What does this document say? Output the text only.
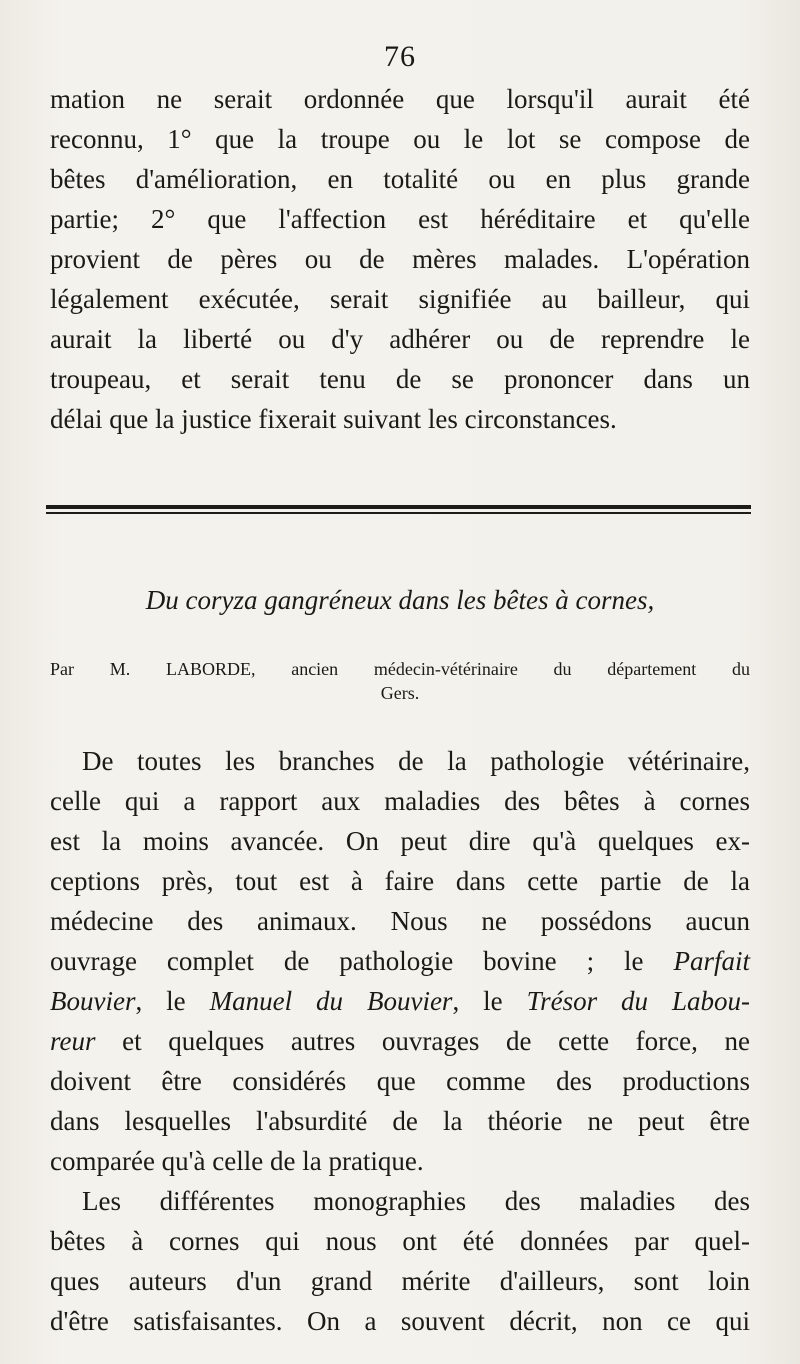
76
mation ne serait ordonnée que lorsqu'il aurait été
reconnu, 1° que la troupe ou le lot se compose de
bêtes d'amélioration, en totalité ou en plus grande
partie; 2° que l'affection est héréditaire et qu'elle
provient de pères ou de mères malades. L'opération
légalement exécutée, serait signifiée au bailleur, qui
aurait la liberté ou d'y adhérer ou de reprendre le
troupeau, et serait tenu de se prononcer dans un
délai que la justice fixerait suivant les circonstances.
Du coryza gangréneux dans les bêtes à cornes,
Par M. LABORDE, ancien médecin-vétérinaire du département du
Gers.
De toutes les branches de la pathologie vétérinaire,
celle qui a rapport aux maladies des bêtes à cornes
est la moins avancée. On peut dire qu'à quelques ex-
ceptions près, tout est à faire dans cette partie de la
médecine des animaux. Nous ne possédons aucun
ouvrage complet de pathologie bovine ; le Parfait
Bouvier, le Manuel du Bouvier, le Trésor du Labou-
reur et quelques autres ouvrages de cette force, ne
doivent être considérés que comme des productions
dans lesquelles l'absurdité de la théorie ne peut être
comparée qu'à celle de la pratique.
Les différentes monographies des maladies des
bêtes à cornes qui nous ont été données par quel-
ques auteurs d'un grand mérite d'ailleurs, sont loin
d'être satisfaisantes. On a souvent décrit, non ce qui
